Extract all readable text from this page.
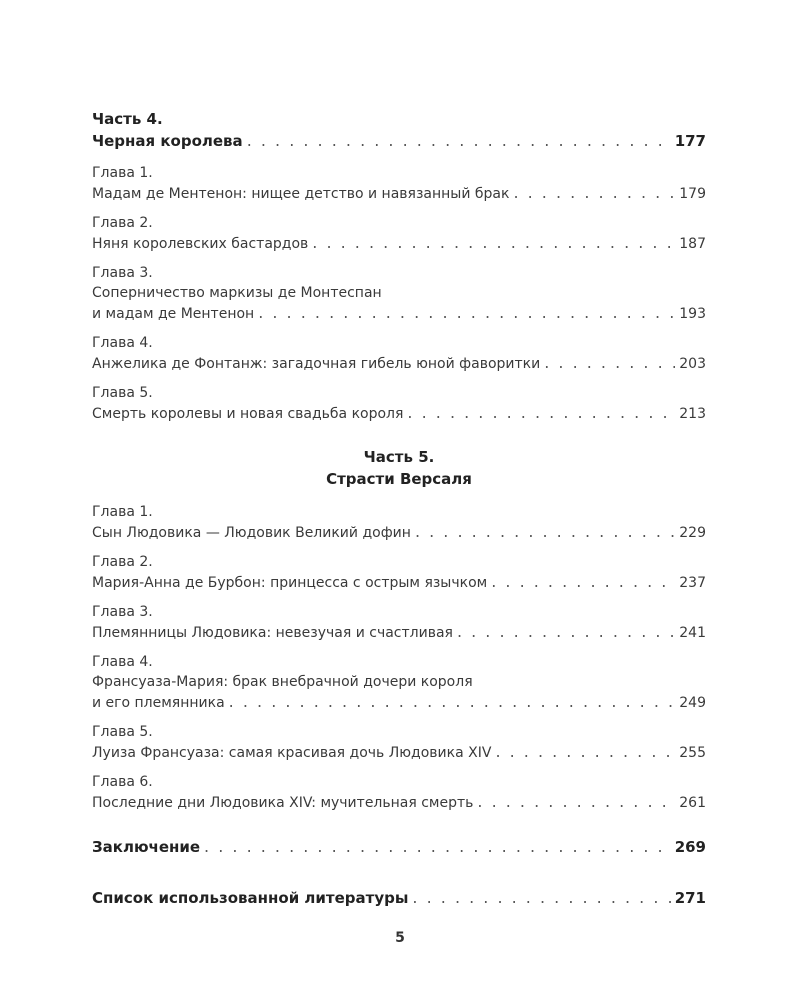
Часть 4.
Черная королева . . .	177
Глава 1.
Мадам де Ментенон: нищее детство и навязанный брак . . .	179
Глава 2.
Няня королевских бастардов . . .	187
Глава 3.
Соперничество маркизы де Монтеспан
и мадам де Ментенон . . .	193
Глава 4.
Анжелика де Фонтанж: загадочная гибель юной фаворитки . . .	203
Глава 5.
Смерть королевы и новая свадьба короля . . .	213
Часть 5.
Страсти Версаля
Глава 1.
Сын Людовика — Людовик Великий дофин . . .	229
Глава 2.
Мария-Анна де Бурбон: принцесса с острым язычком . . .	237
Глава 3.
Племянницы Людовика: невезучая и счастливая . . .	241
Глава 4.
Франсуаза-Мария: брак внебрачной дочери короля
и его племянника . . .	249
Глава 5.
Луиза Франсуаза: самая красивая дочь Людовика XIV . . .	255
Глава 6.
Последние дни Людовика XIV: мучительная смерть . . .	261
Заключение . . .	269
Список использованной литературы . . .	271
5
